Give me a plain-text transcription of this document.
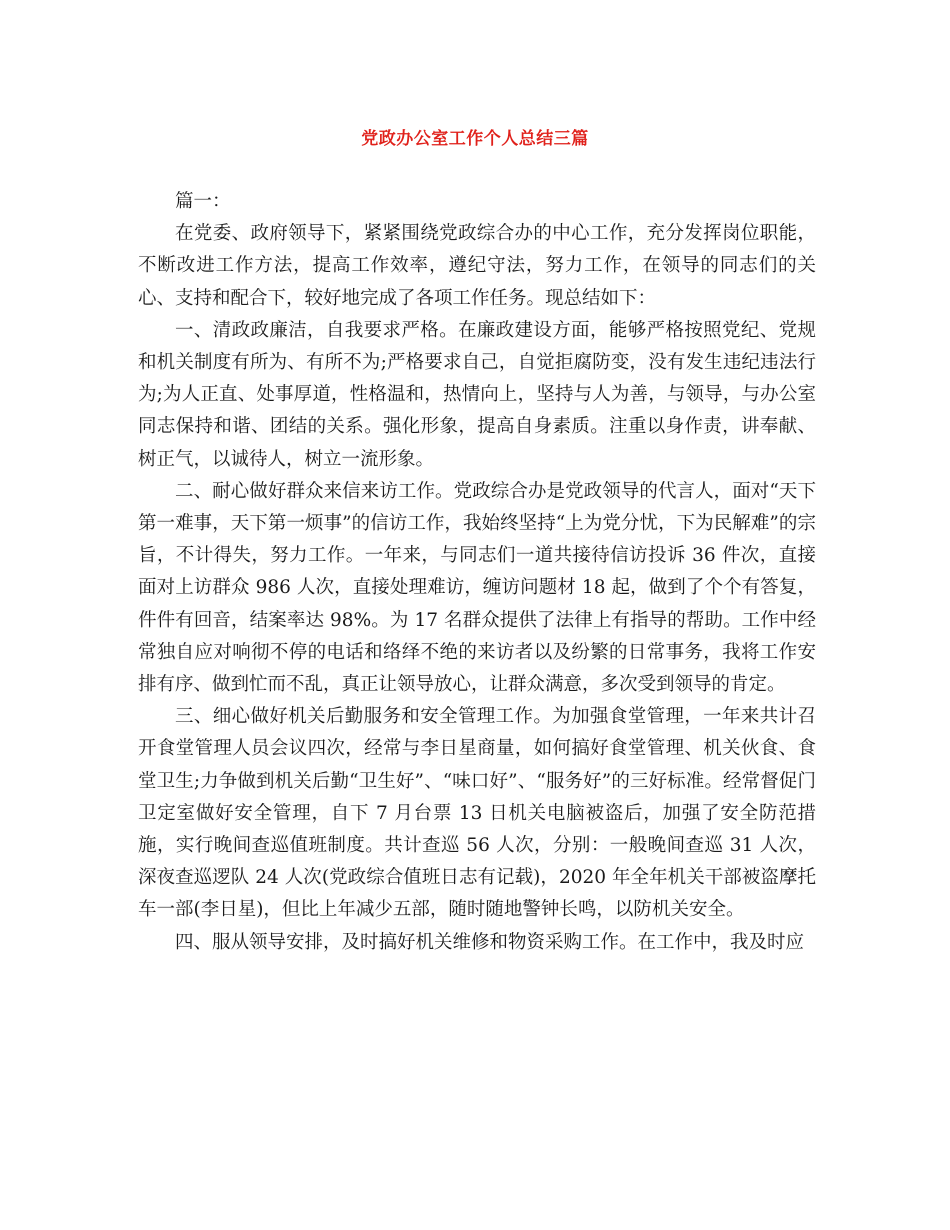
党政办公室工作个人总结三篇

篇一：

在党委、政府领导下，紧紧围绕党政综合办的中心工作，充分发挥岗位职能，不断改进工作方法，提高工作效率，遵纪守法，努力工作，在领导的同志们的关心、支持和配合下，较好地完成了各项工作任务。现总结如下：

一、清政政廉洁，自我要求严格。在廉政建设方面，能够严格按照党纪、党规和机关制度有所为、有所不为;严格要求自己，自觉拒腐防变，没有发生违纪违法行为;为人正直、处事厚道，性格温和，热情向上，坚持与人为善，与领导，与办公室同志保持和谐、团结的关系。强化形象，提高自身素质。注重以身作责，讲奉献、树正气，以诚待人，树立一流形象。

二、耐心做好群众来信来访工作。党政综合办是党政领导的代言人，面对“天下第一难事，天下第一烦事”的信访工作，我始终坚持“上为党分忧，下为民解难”的宗旨，不计得失，努力工作。一年来，与同志们一道共接待信访投诉 36 件次，直接面对上访群众 986 人次，直接处理难访，缠访问题材 18 起，做到了个个有答复，件件有回音，结案率达 98%。为 17 名群众提供了法律上有指导的帮助。工作中经常独自应对响彻不停的电话和络绎不绝的来访者以及纷繁的日常事务，我将工作安排有序、做到忙而不乱，真正让领导放心，让群众满意，多次受到领导的肯定。

三、细心做好机关后勤服务和安全管理工作。为加强食堂管理，一年来共计召开食堂管理人员会议四次，经常与李日星商量，如何搞好食堂管理、机关伙食、食堂卫生;力争做到机关后勤“卫生好”、“味口好”、“服务好”的三好标准。经常督促门卫定室做好安全管理，自下 7 月台票 13 日机关电脑被盗后，加强了安全防范措施，实行晚间查巡值班制度。共计查巡 56 人次，分别：一般晚间查巡 31 人次，深夜查巡逻队 24 人次(党政综合值班日志有记载)，2020 年全年机关干部被盗摩托车一部(李日星)，但比上年减少五部，随时随地警钟长鸣，以防机关安全。

四、服从领导安排，及时搞好机关维修和物资采购工作。在工作中，我及时应
